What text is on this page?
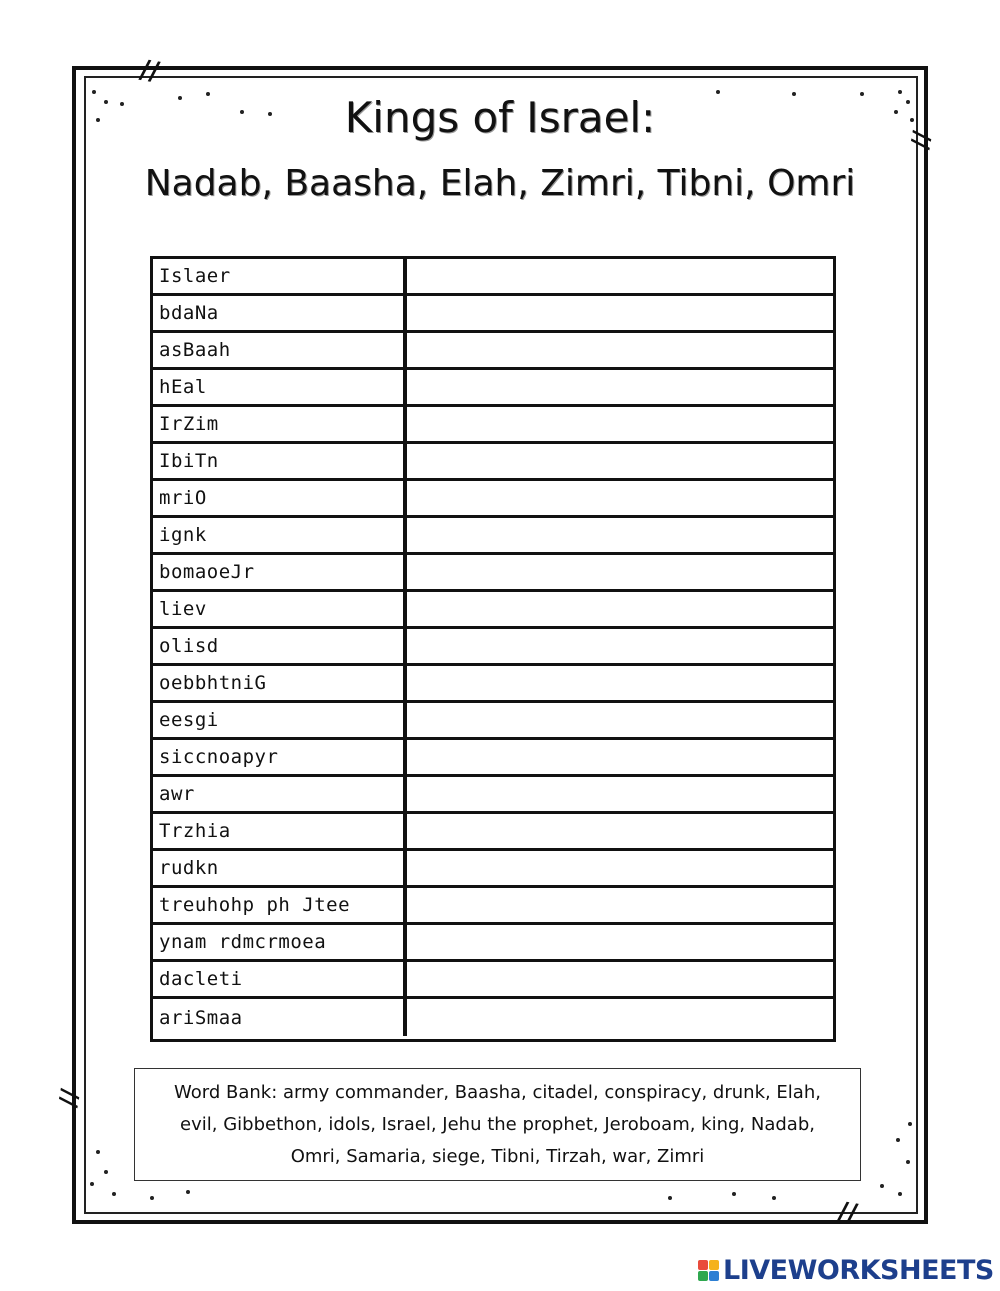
//
//
//
//
Kings of Israel:
Nadab, Baasha, Elah, Zimri, Tibni, Omri
Islaer
bdaNa
asBaah
hEal
IrZim
IbiTn
mriO
ignk
bomaoeJr
liev
olisd
oebbhtniG
eesgi
siccnoapyr
awr
Trzhia
rudkn
treuhohp ph Jtee
ynam rdmcrmoea
dacleti
ariSmaa
Word Bank: army commander, Baasha, citadel, conspiracy, drunk, Elah, evil, Gibbethon, idols, Israel, Jehu the prophet, Jeroboam, king, Nadab, Omri, Samaria, siege, Tibni, Tirzah, war, Zimri
LIVEWORKSHEETS
